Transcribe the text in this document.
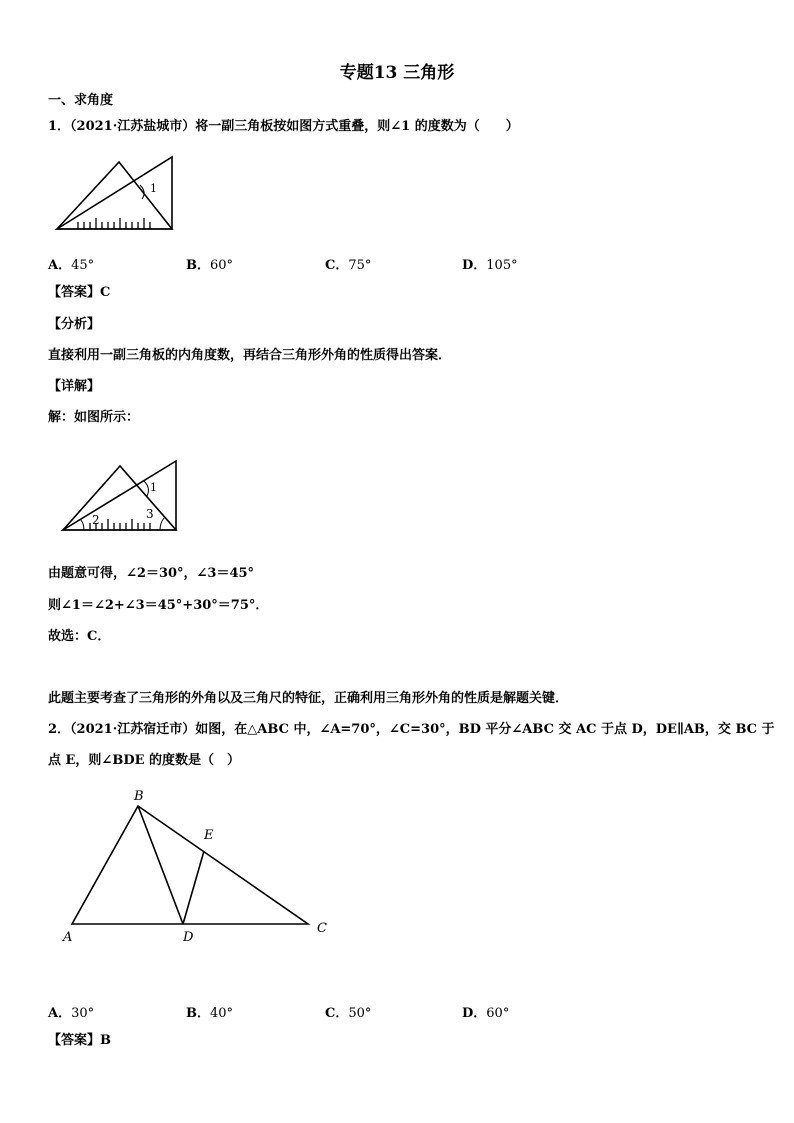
专题13 三角形
一、求角度
1．（2021·江苏盐城市）将一副三角板按如图方式重叠，则∠1 的度数为（　　）
1
A．45°	B．60°	C．75°	D．105°
【答案】C
【分析】
直接利用一副三角板的内角度数，再结合三角形外角的性质得出答案．
【详解】
解：如图所示：
1
2	3
由题意可得，∠2＝30°，∠3＝45°
则∠1＝∠2+∠3＝45°+30°＝75°．
故选：C．
此题主要考查了三角形的外角以及三角尺的特征，正确利用三角形外角的性质是解题关键．
2．（2021·江苏宿迁市）如图，在△ABC 中，∠A=70°，∠C=30°，BD 平分∠ABC 交 AC 于点 D，DE∥AB，交 BC 于
点 E，则∠BDE 的度数是（　）
B
E
A	D
C
A．30°	B．40°	C．50°	D．60°
【答案】B
